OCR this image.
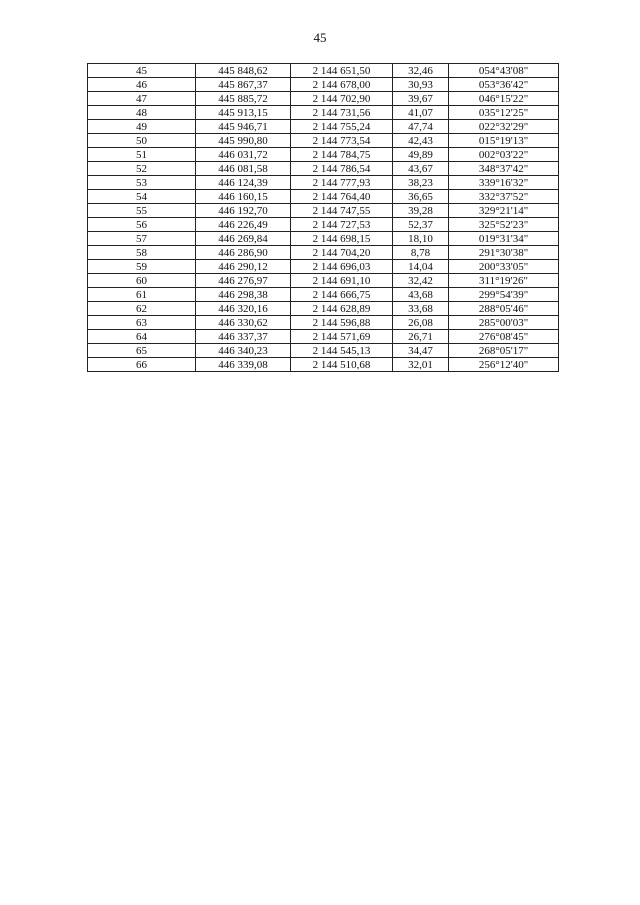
45
45	445 848,62	2 144 651,50	32,46	054°43'08"
46	445 867,37	2 144 678,00	30,93	053°36'42"
47	445 885,72	2 144 702,90	39,67	046°15'22"
48	445 913,15	2 144 731,56	41,07	035°12'25"
49	445 946,71	2 144 755,24	47,74	022°32'29"
50	445 990,80	2 144 773,54	42,43	015°19'13"
51	446 031,72	2 144 784,75	49,89	002°03'22"
52	446 081,58	2 144 786,54	43,67	348°37'42"
53	446 124,39	2 144 777,93	38,23	339°16'32"
54	446 160,15	2 144 764,40	36,65	332°37'52"
55	446 192,70	2 144 747,55	39,28	329°21'14"
56	446 226,49	2 144 727,53	52,37	325°52'23"
57	446 269,84	2 144 698,15	18,10	019°31'34"
58	446 286,90	2 144 704,20	8,78	291°30'38"
59	446 290,12	2 144 696,03	14,04	200°33'05"
60	446 276,97	2 144 691,10	32,42	311°19'26"
61	446 298,38	2 144 666,75	43,68	299°54'39"
62	446 320,16	2 144 628,89	33,68	288°05'46"
63	446 330,62	2 144 596,88	26,08	285°00'03"
64	446 337,37	2 144 571,69	26,71	276°08'45"
65	446 340,23	2 144 545,13	34,47	268°05'17"
66	446 339,08	2 144 510,68	32,01	256°12'40"
